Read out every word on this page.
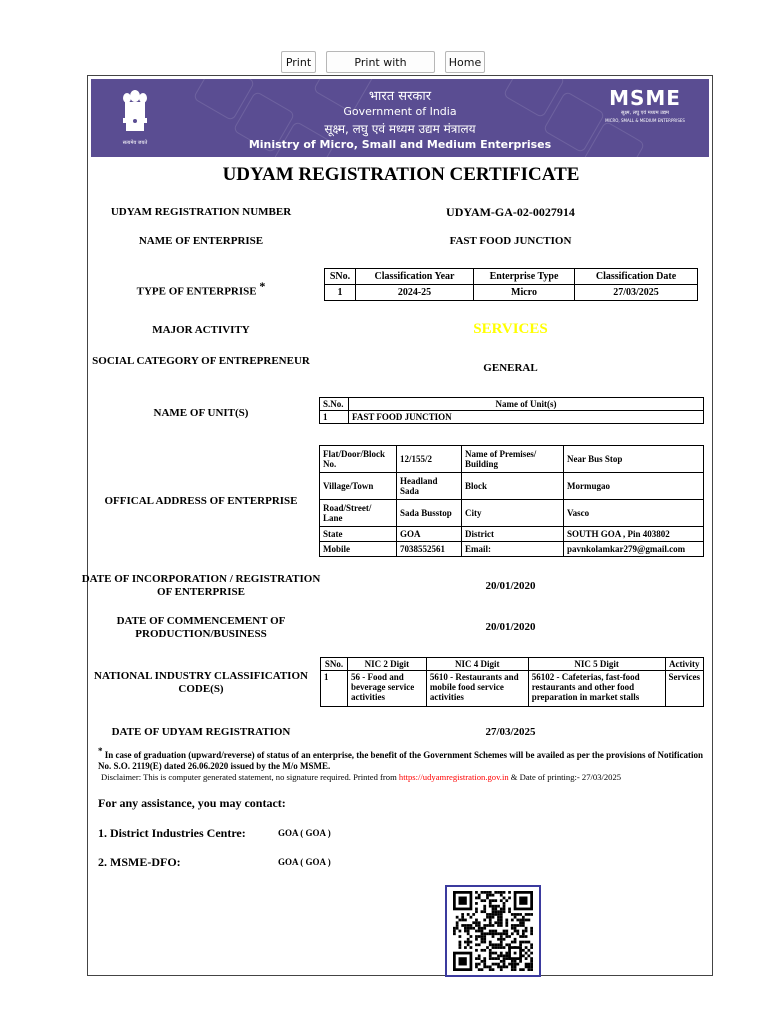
Print	Print with	Home
सत्यमेव जयते
भारत सरकार
Government of India
सूक्ष्म, लघु एवं मध्यम उद्यम मंत्रालय
Ministry of Micro, Small and Medium Enterprises
MSME
सूक्ष्म, लघु एवं मध्यम उद्यम
MICRO, SMALL & MEDIUM ENTERPRISES
UDYAM REGISTRATION CERTIFICATE
UDYAM REGISTRATION NUMBER	UDYAM-GA-02-0027914
NAME OF ENTERPRISE	FAST FOOD JUNCTION
TYPE OF ENTERPRISE *
SNo.	Classification Year	Enterprise Type	Classification Date
1	2024-25	Micro	27/03/2025
MAJOR ACTIVITY	SERVICES
SOCIAL CATEGORY OF ENTREPRENEUR
GENERAL
NAME OF UNIT(S)
S.No.	Name of Unit(s)
1	FAST FOOD JUNCTION
OFFICAL ADDRESS OF ENTERPRISE
Flat/Door/Block No.	12/155/2	Name of Premises/ Building	Near Bus Stop
Village/Town	Headland Sada	Block	Mormugao
Road/Street/ Lane	Sada Busstop	City	Vasco
State	GOA	District	SOUTH GOA , Pin 403802
Mobile	7038552561	Email:	pavnkolamkar279@gmail.com
DATE OF INCORPORATION / REGISTRATION OF ENTERPRISE	20/01/2020
DATE OF COMMENCEMENT OF PRODUCTION/BUSINESS
20/01/2020
NATIONAL INDUSTRY CLASSIFICATION CODE(S)
SNo.	NIC 2 Digit	NIC 4 Digit	NIC 5 Digit	Activity
1	56 - Food and beverage service activities	5610 - Restaurants and mobile food service activities	56102 - Cafeterias, fast-food restaurants and other food preparation in market stalls	Services
DATE OF UDYAM REGISTRATION	27/03/2025
* In case of graduation (upward/reverse) of status of an enterprise, the benefit of the Government Schemes will be availed as per the provisions of Notification No. S.O. 2119(E) dated 26.06.2020 issued by the M/o MSME.
Disclaimer: This is computer generated statement, no signature required. Printed from https://udyamregistration.gov.in & Date of printing:- 27/03/2025
For any assistance, you may contact:
1. District Industries Centre:	GOA ( GOA )
2. MSME-DFO:	GOA ( GOA )
